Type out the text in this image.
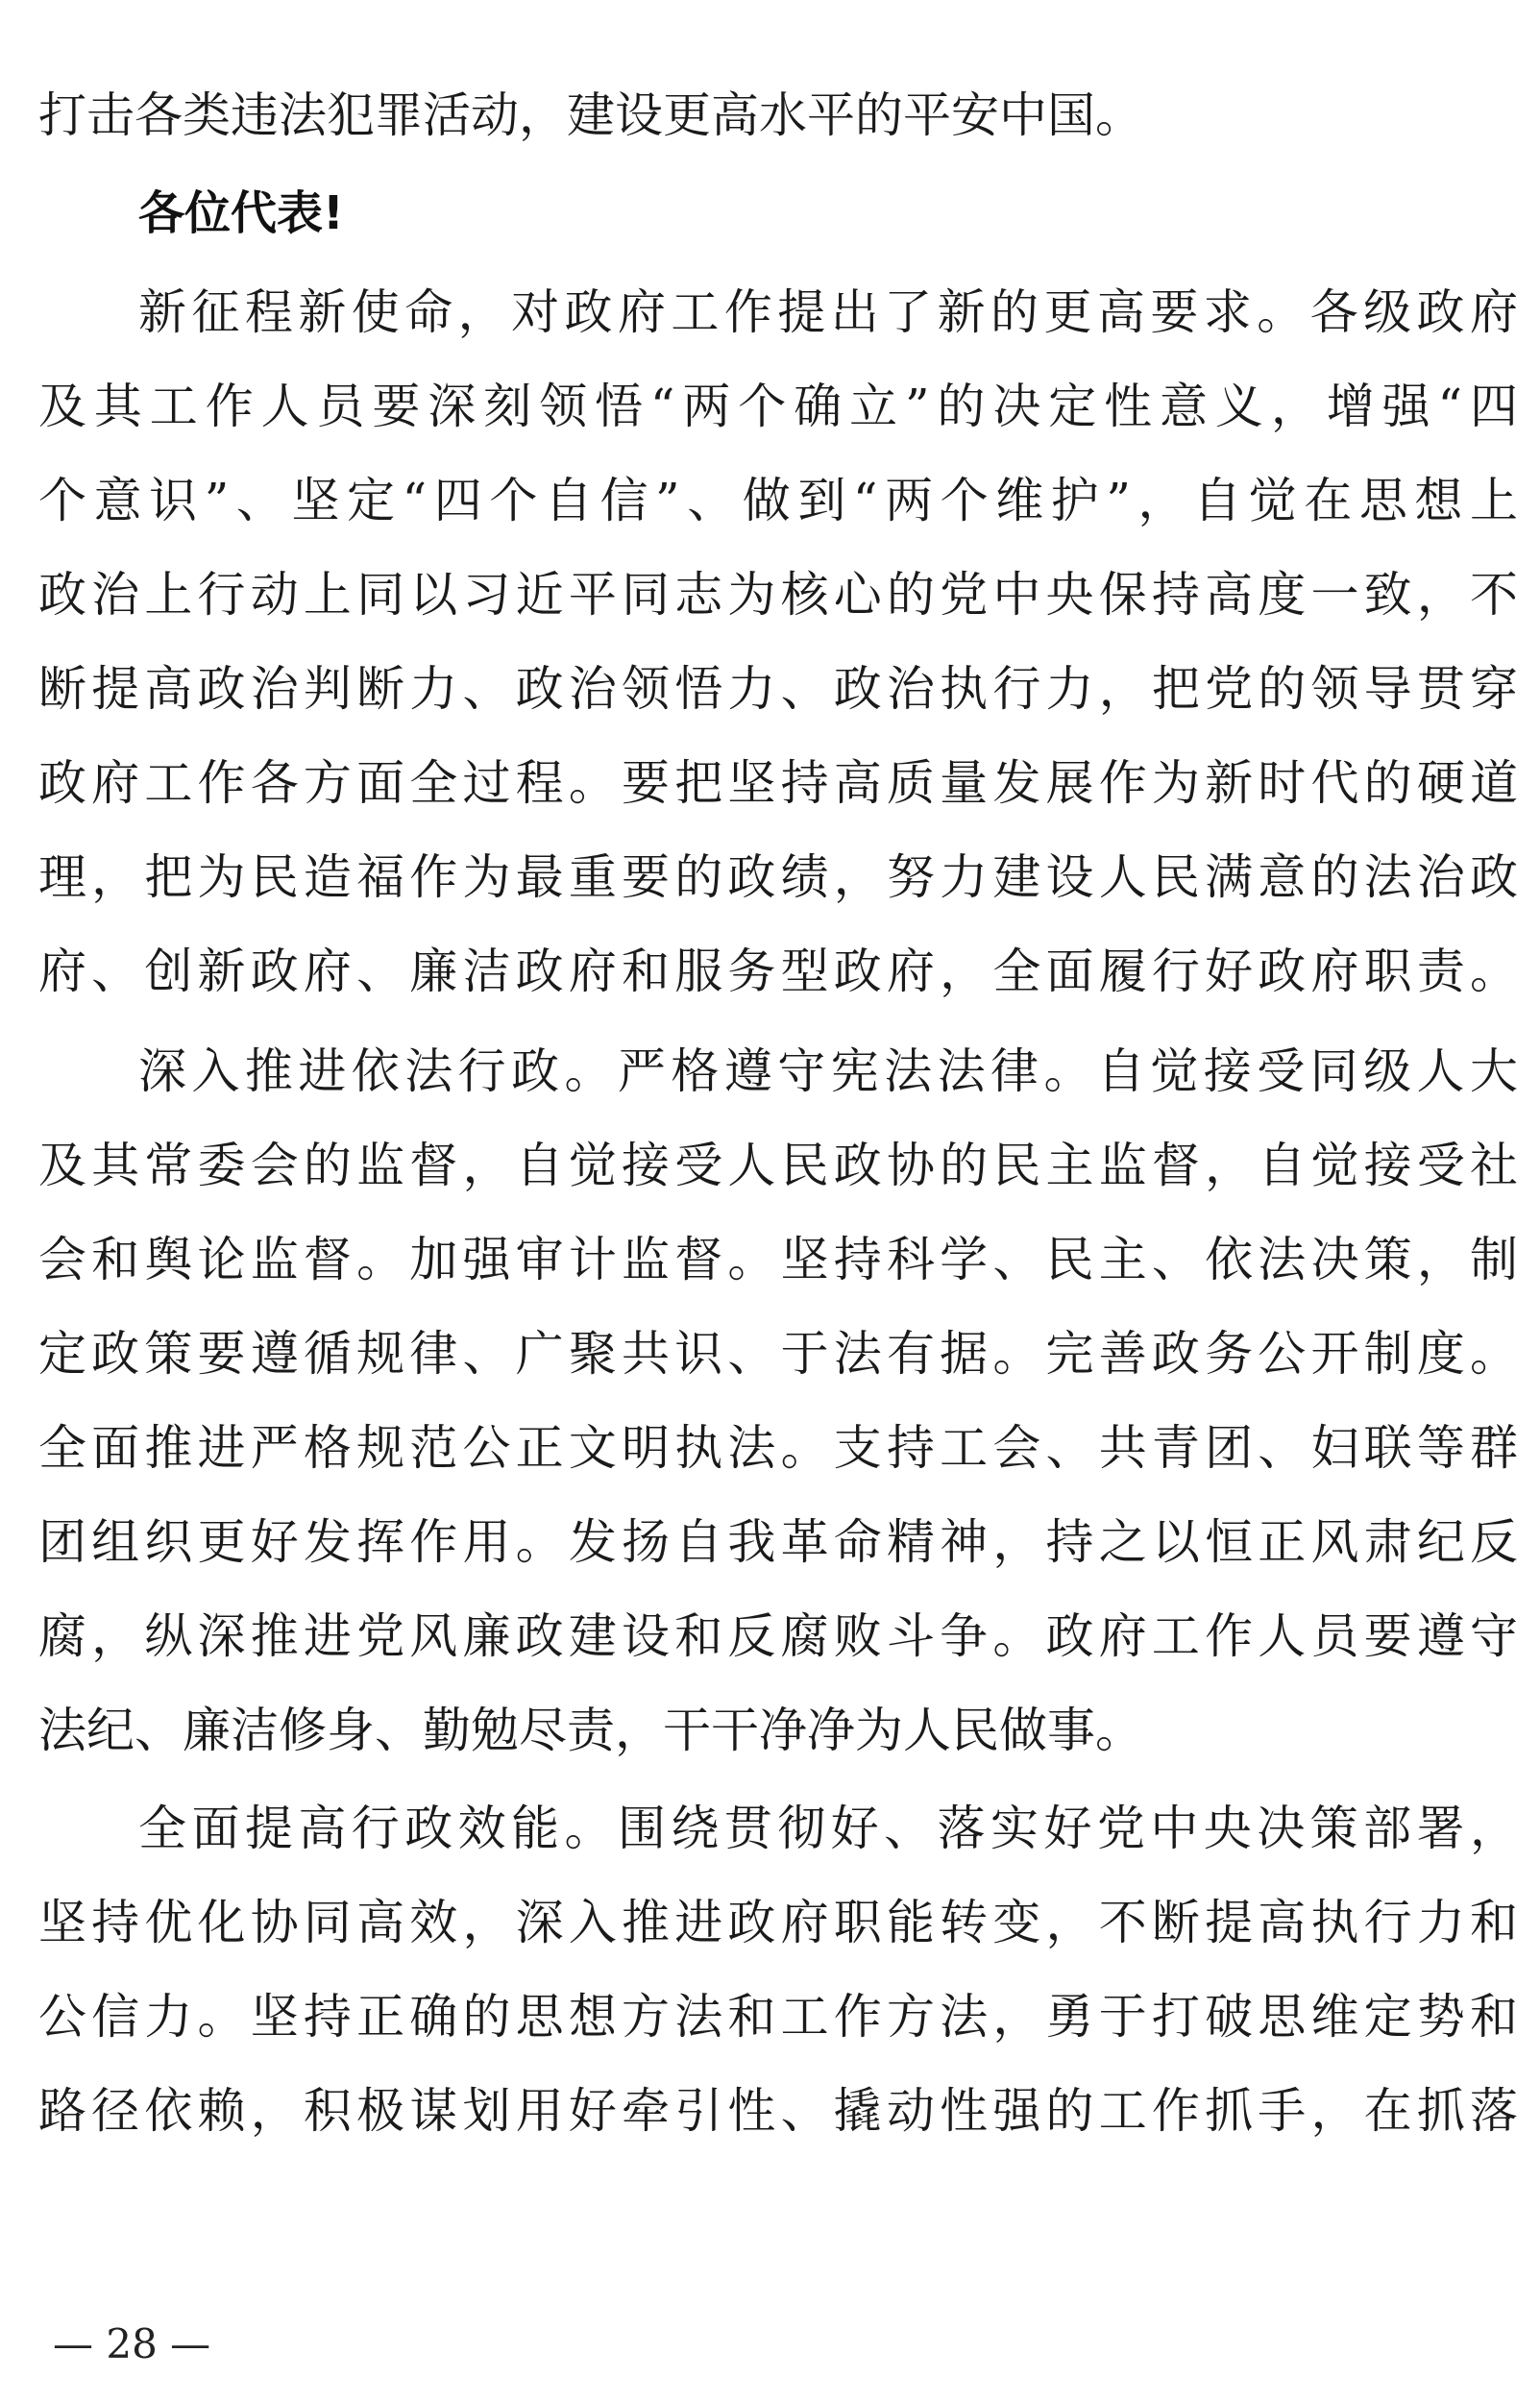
打击各类违法犯罪活动，建设更高水平的平安中国。
各位代表!
新征程新使命，对政府工作提出了新的更高要求。各级政府
及其工作人员要深刻领悟“两个确立”的决定性意义，增强“四
个意识”、坚定“四个自信”、做到“两个维护”，自觉在思想上
政治上行动上同以习近平同志为核心的党中央保持高度一致，不
断提高政治判断力、政治领悟力、政治执行力，把党的领导贯穿
政府工作各方面全过程。要把坚持高质量发展作为新时代的硬道
理，把为民造福作为最重要的政绩，努力建设人民满意的法治政
府、创新政府、廉洁政府和服务型政府，全面履行好政府职责。
深入推进依法行政。严格遵守宪法法律。自觉接受同级人大
及其常委会的监督，自觉接受人民政协的民主监督，自觉接受社
会和舆论监督。加强审计监督。坚持科学、民主、依法决策，制
定政策要遵循规律、广聚共识、于法有据。完善政务公开制度。
全面推进严格规范公正文明执法。支持工会、共青团、妇联等群
团组织更好发挥作用。发扬自我革命精神，持之以恒正风肃纪反
腐，纵深推进党风廉政建设和反腐败斗争。政府工作人员要遵守
法纪、廉洁修身、勤勉尽责，干干净净为人民做事。
全面提高行政效能。围绕贯彻好、落实好党中央决策部署，
坚持优化协同高效，深入推进政府职能转变，不断提高执行力和
公信力。坚持正确的思想方法和工作方法，勇于打破思维定势和
路径依赖，积极谋划用好牵引性、撬动性强的工作抓手，在抓落
— 28 —
